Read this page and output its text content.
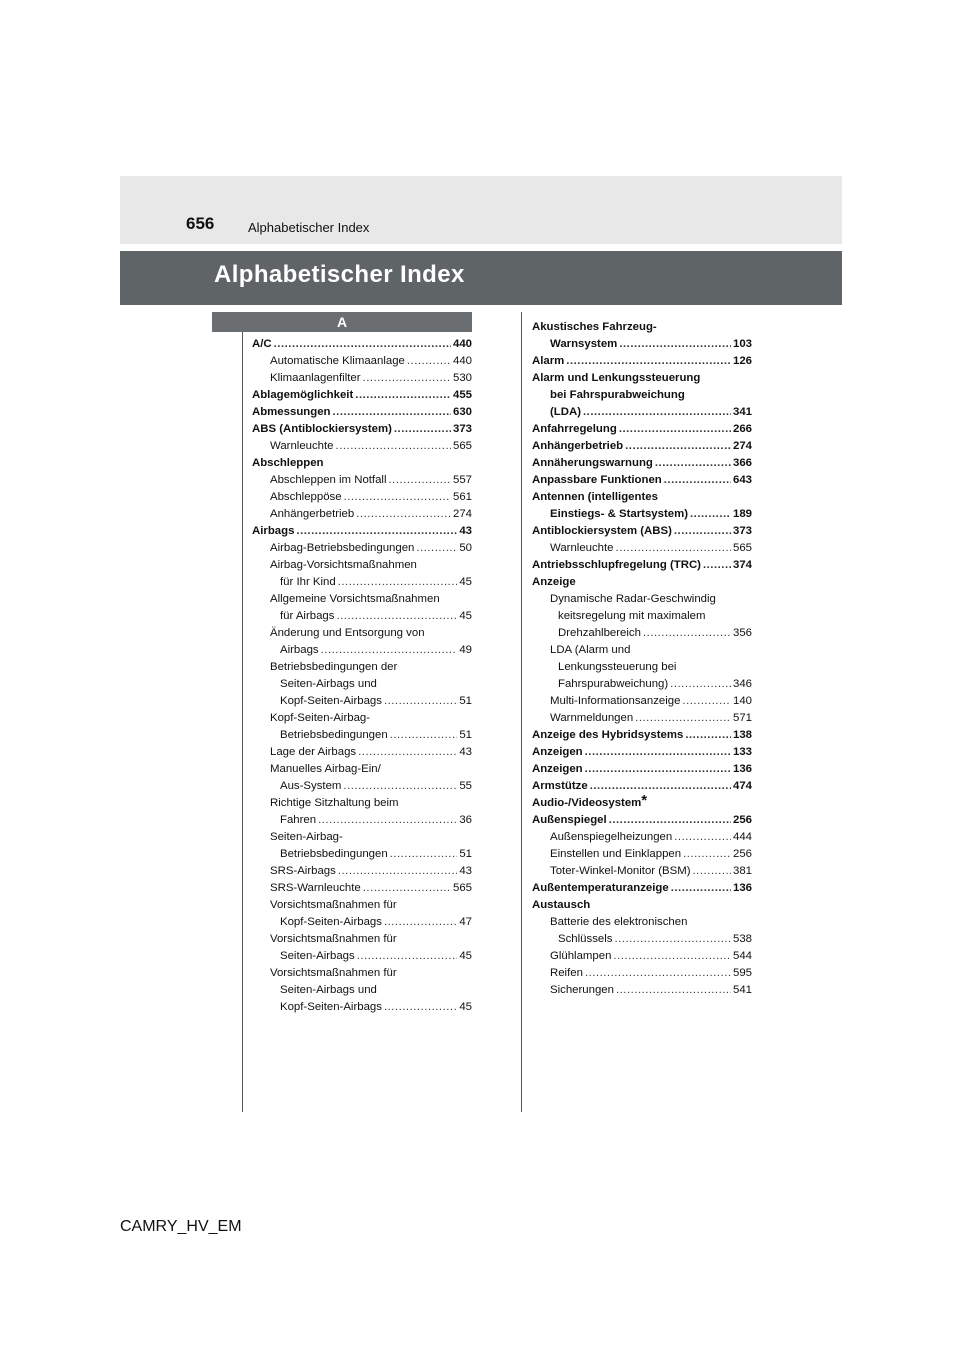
656	Alphabetischer Index
Alphabetischer Index
A
A/C .....	440
Automatische Klimaanlage .....	440
Klimaanlagenfilter .....	530
Ablagemöglichkeit .....	455
Abmessungen .....	630
ABS (Antiblockiersystem) .....	373
Warnleuchte .....	565
Abschleppen
Abschleppen im Notfall .....	557
Abschleppöse .....	561
Anhängerbetrieb .....	274
Airbags .....	43
Airbag-Betriebsbedingungen .....	50
Airbag-Vorsichtsmaßnahmen
für Ihr Kind .....	45
Allgemeine Vorsichtsmaßnahmen
für Airbags .....	45
Änderung und Entsorgung von
Airbags .....	49
Betriebsbedingungen der
Seiten-Airbags und
Kopf-Seiten-Airbags .....	51
Kopf-Seiten-Airbag-
Betriebsbedingungen .....	51
Lage der Airbags .....	43
Manuelles Airbag-Ein/
Aus-System .....	55
Richtige Sitzhaltung beim
Fahren .....	36
Seiten-Airbag-
Betriebsbedingungen .....	51
SRS-Airbags .....	43
SRS-Warnleuchte .....	565
Vorsichtsmaßnahmen für
Kopf-Seiten-Airbags .....	47
Vorsichtsmaßnahmen für
Seiten-Airbags .....	45
Vorsichtsmaßnahmen für
Seiten-Airbags und
Kopf-Seiten-Airbags .....	45
Akustisches Fahrzeug-
Warnsystem .....	103
Alarm .....	126
Alarm und Lenkungssteuerung
bei Fahrspurabweichung
(LDA) .....	341
Anfahrregelung .....	266
Anhängerbetrieb .....	274
Annäherungswarnung .....	366
Anpassbare Funktionen .....	643
Antennen (intelligentes
Einstiegs- & Startsystem) .....	189
Antiblockiersystem (ABS) .....	373
Warnleuchte .....	565
Antriebsschlupfregelung (TRC) .....	374
Anzeige
Dynamische Radar-Geschwindig
keitsregelung mit maximalem
Drehzahlbereich .....	356
LDA (Alarm und
Lenkungssteuerung bei
Fahrspurabweichung) .....	346
Multi-Informationsanzeige .....	140
Warnmeldungen .....	571
Anzeige des Hybridsystems .....	138
Anzeigen .....	133
Anzeigen .....	136
Armstütze .....	474
Audio-/Videosystem*
Außenspiegel .....	256
Außenspiegelheizungen .....	444
Einstellen und Einklappen .....	256
Toter-Winkel-Monitor (BSM) .....	381
Außentemperaturanzeige .....	136
Austausch
Batterie des elektronischen
Schlüssels .....	538
Glühlampen .....	544
Reifen .....	595
Sicherungen .....	541
CAMRY_HV_EM
